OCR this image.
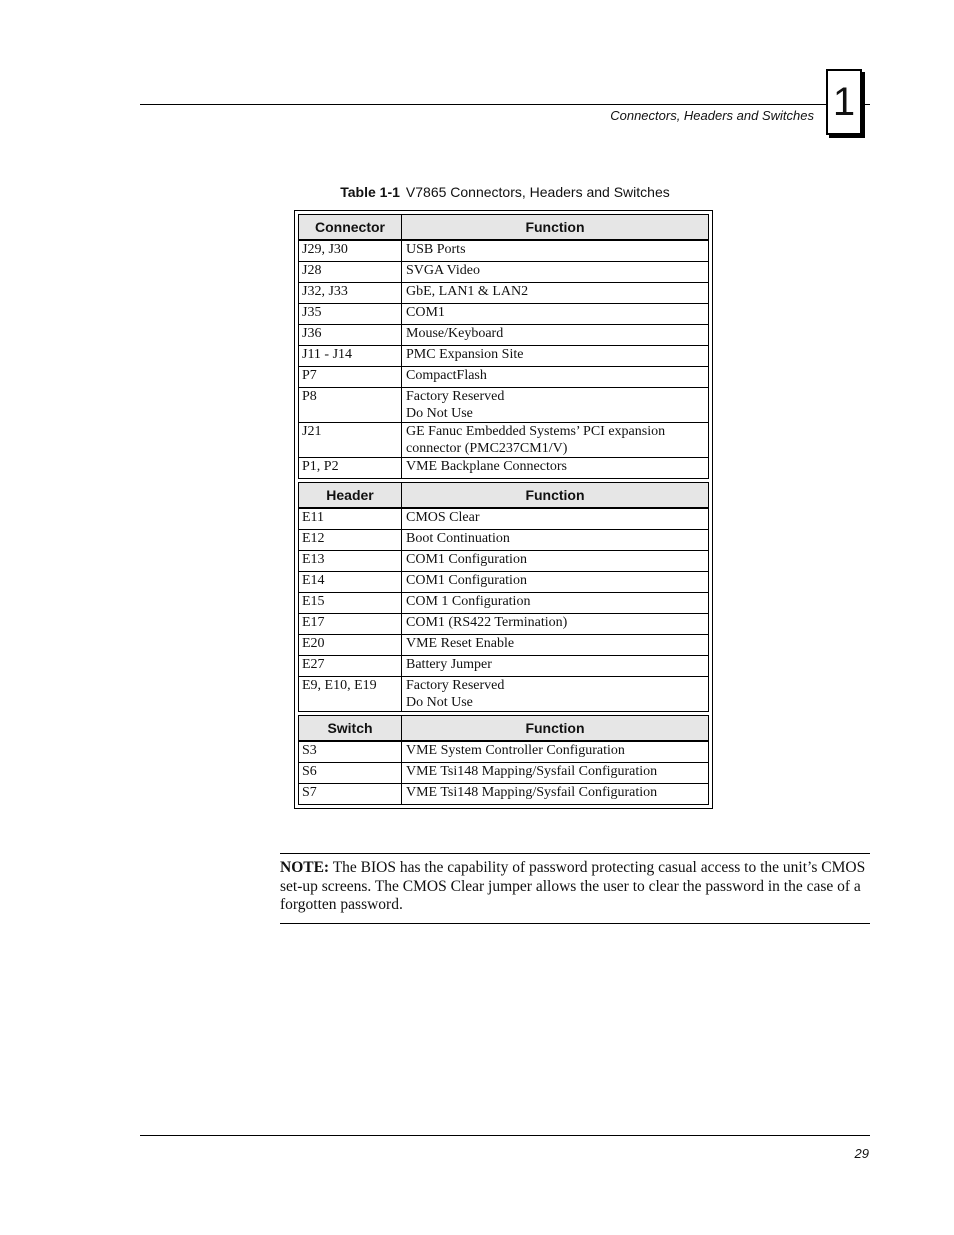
Connectors, Headers and Switches 1
Table 1-1 V7865 Connectors, Headers and Switches
Connector	Function
J29, J30	USB Ports

J28	SVGA Video

J32, J33	GbE, LAN1 & LAN2

J35	COM1

J36	Mouse/Keyboard

J11 - J14	PMC Expansion Site

P7	CompactFlash

P8	Factory Reserved
Do Not Use

J21	GE Fanuc Embedded Systems’ PCI expansion
connector (PMC237CM1/V)

P1, P2	VME Backplane Connectors

Header	Function
E11	CMOS Clear

E12	Boot Continuation

E13	COM1 Configuration

E14	COM1 Configuration

E15	COM 1 Configuration

E17	COM1 (RS422 Termination)

E20	VME Reset Enable

E27	Battery Jumper

E9, E10, E19	Factory Reserved
Do Not Use

Switch	Function
S3	VME System Controller Configuration

S6	VME Tsi148 Mapping/Sysfail Configuration

S7	VME Tsi148 Mapping/Sysfail Configuration
NOTE: The BIOS has the capability of password protecting casual access to the unit’s CMOS set-up screens. The CMOS Clear jumper allows the user to clear the password in the case of a forgotten password.
29
